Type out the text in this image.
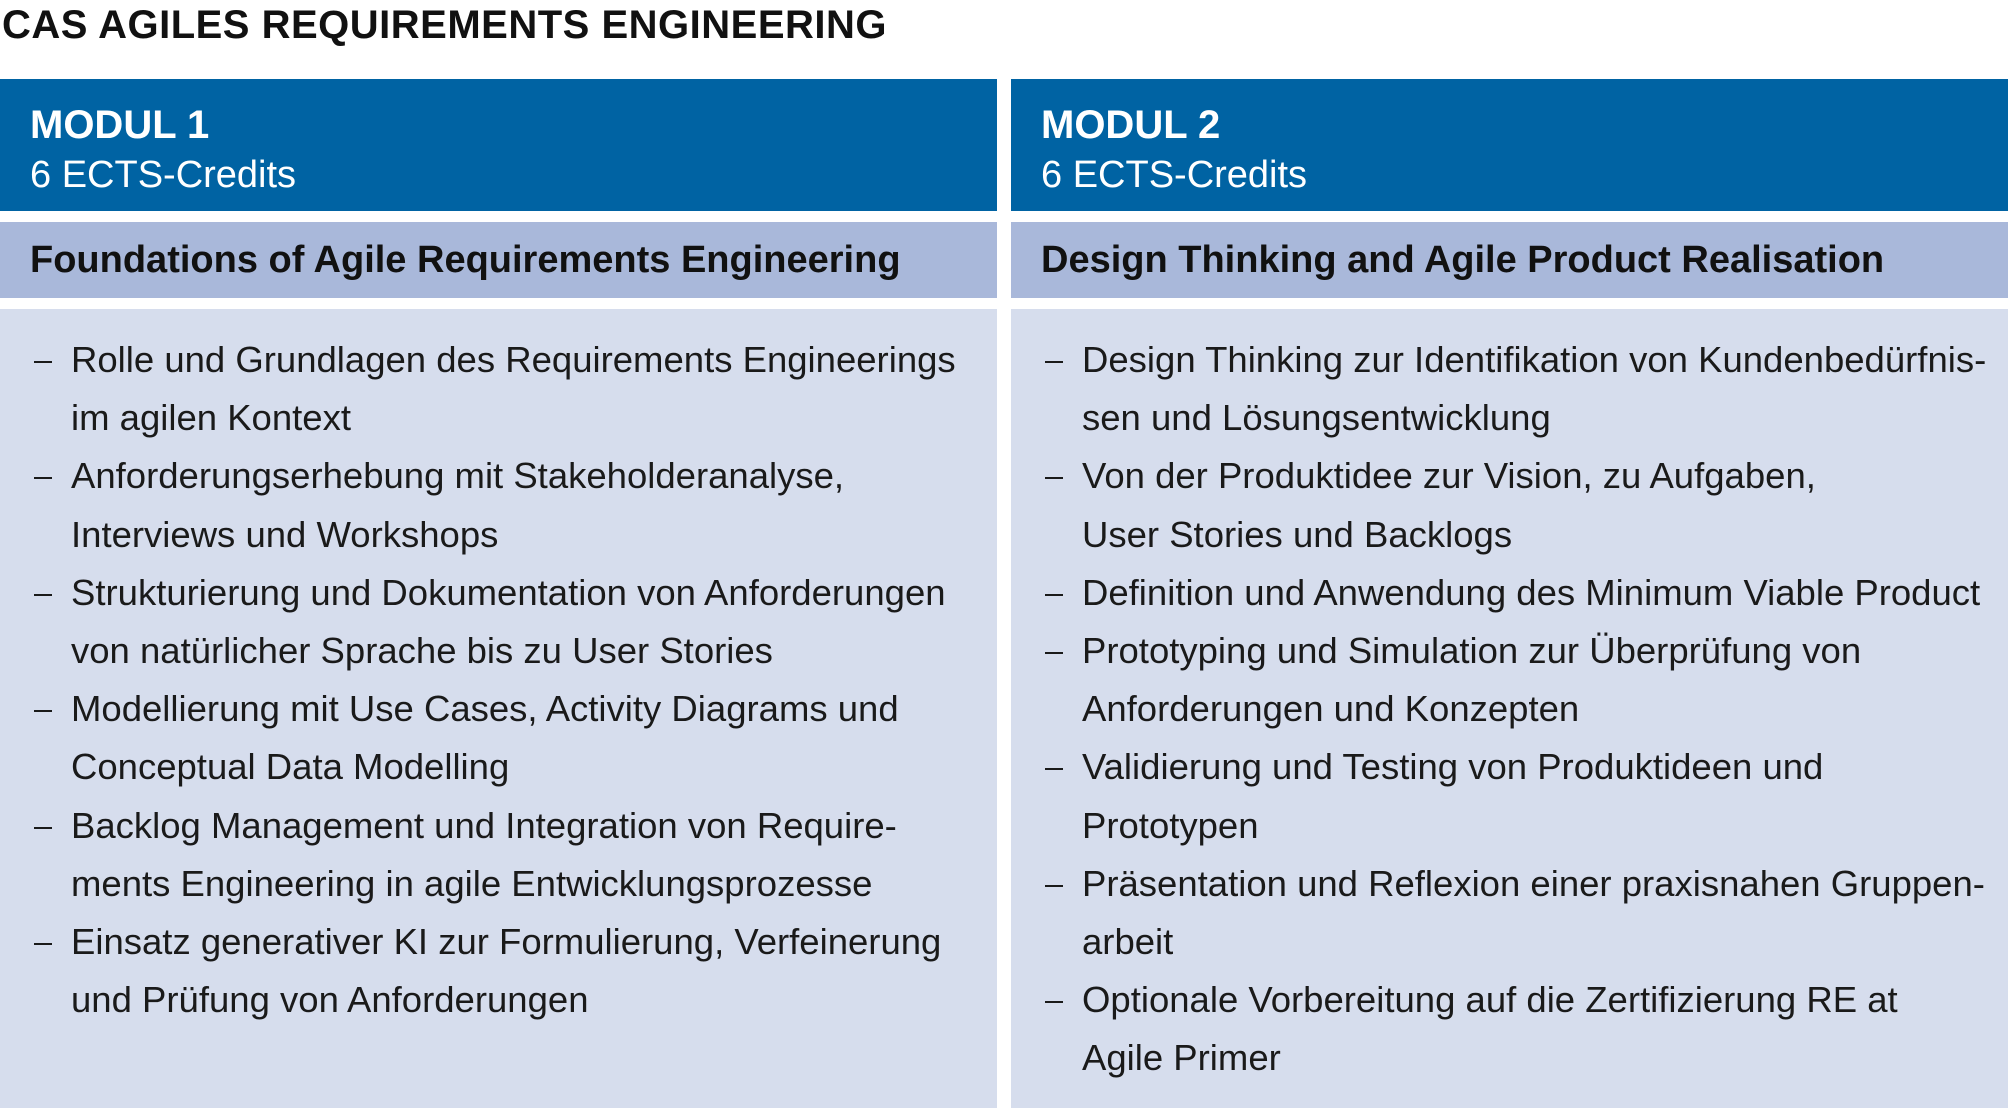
CAS AGILES REQUIREMENTS ENGINEERING
MODUL 1
6 ECTS-Credits
Foundations of Agile Requirements Engineering
Rolle und Grundlagen des Requirements Engineerings
im agilen Kontext
Anforderungserhebung mit Stakeholderanalyse,
Interviews und Workshops
Strukturierung und Dokumentation von Anforderungen
von natürlicher Sprache bis zu User Stories
Modellierung mit Use Cases, Activity Diagrams und
Conceptual Data Modelling
Backlog Management und Integration von Require-
ments Engineering in agile Entwicklungsprozesse
Einsatz generativer KI zur Formulierung, Verfeinerung
und Prüfung von Anforderungen
MODUL 2
6 ECTS-Credits
Design Thinking and Agile Product Realisation
Design Thinking zur Identifikation von Kundenbedürfnis-
sen und Lösungsentwicklung
Von der Produktidee zur Vision, zu Aufgaben,
User Stories und Backlogs
Definition und Anwendung des Minimum Viable Product
Prototyping und Simulation zur Überprüfung von
Anforderungen und Konzepten
Validierung und Testing von Produktideen und
Prototypen
Präsentation und Reflexion einer praxisnahen Gruppen-
arbeit
Optionale Vorbereitung auf die Zertifizierung RE at
Agile Primer
